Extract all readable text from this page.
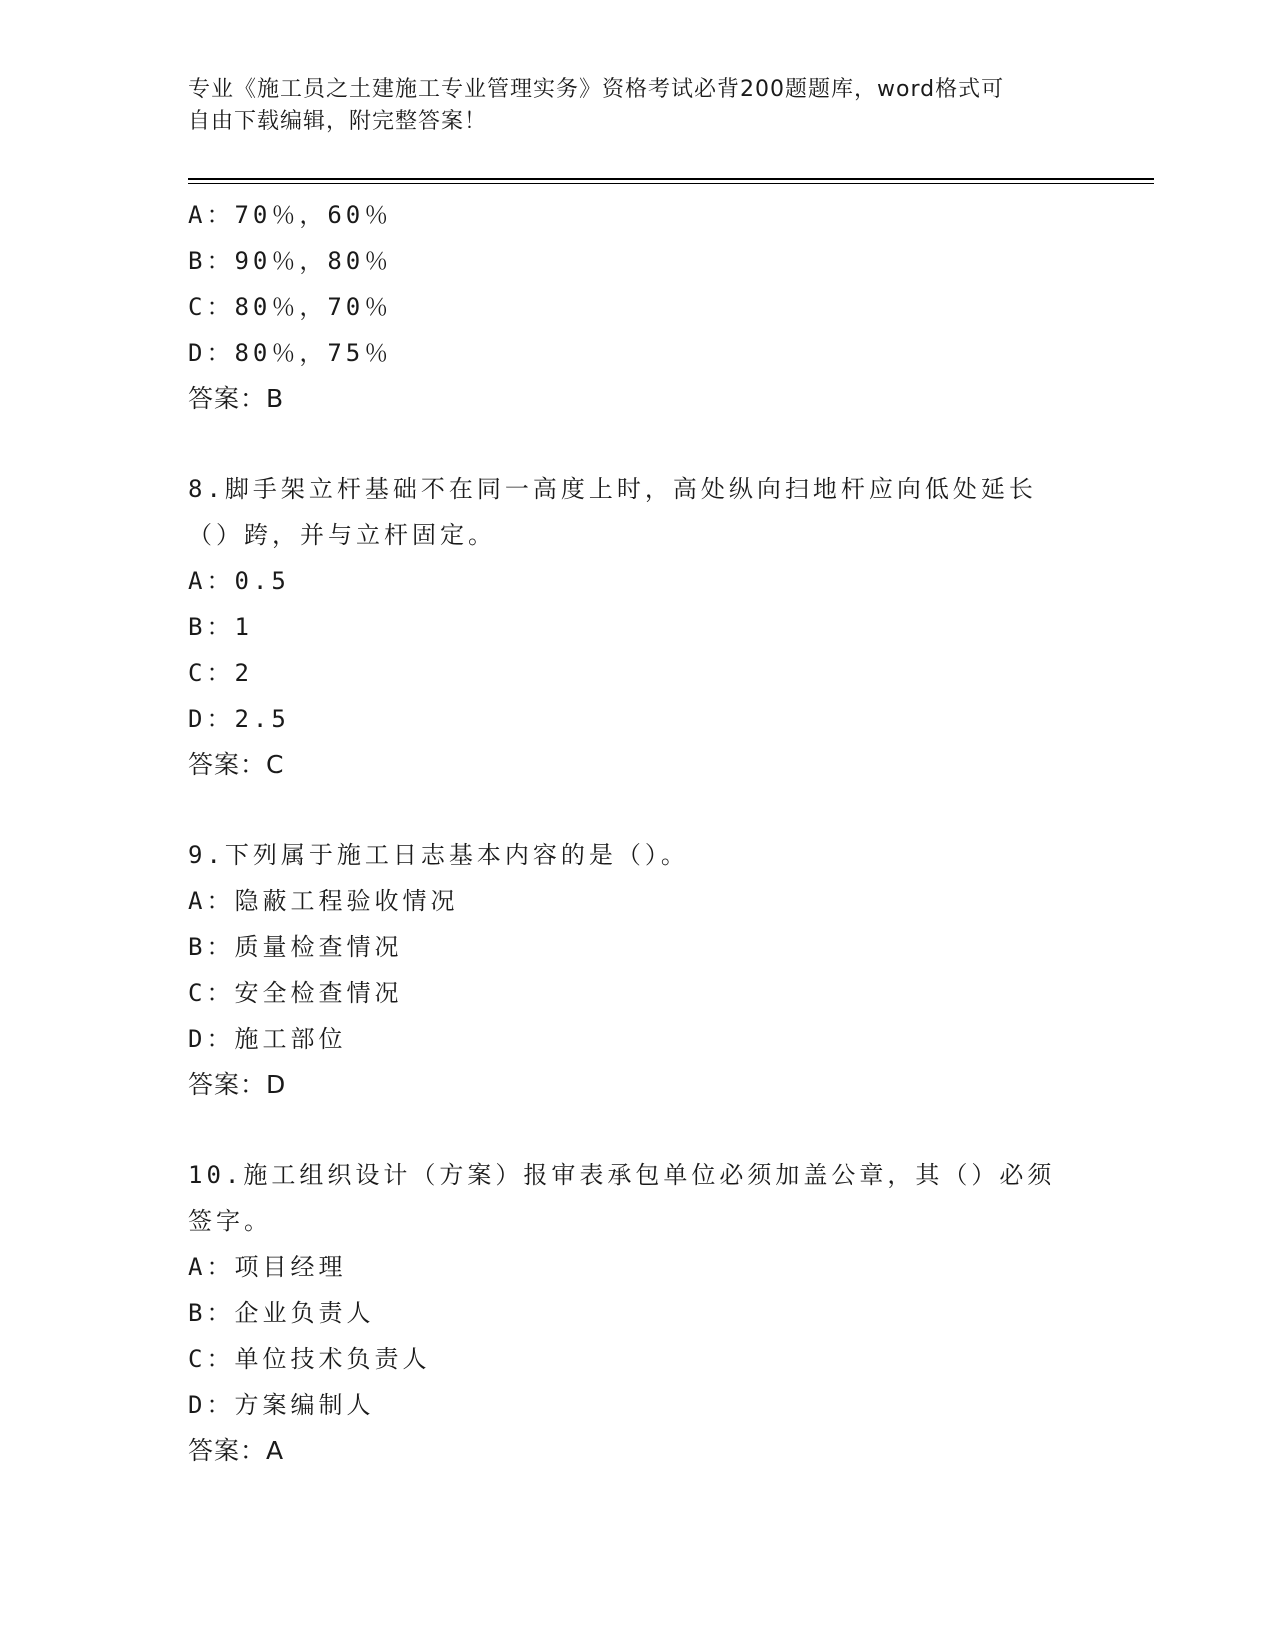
专业《施工员之土建施工专业管理实务》资格考试必背200题题库，word格式可
自由下载编辑，附完整答案！
A：70％，60％
B：90％，80％
C：80％，70％
D：80％，75％
答案：B
8.脚手架立杆基础不在同一高度上时，高处纵向扫地杆应向低处延长
（）跨，并与立杆固定。
A：0.5
B：1
C：2
D：2.5
答案：C
9.下列属于施工日志基本内容的是（）。
A：隐蔽工程验收情况
B：质量检查情况
C：安全检查情况
D：施工部位
答案：D
10.施工组织设计（方案）报审表承包单位必须加盖公章，其（）必须
签字。
A：项目经理
B：企业负责人
C：单位技术负责人
D：方案编制人
答案：A
